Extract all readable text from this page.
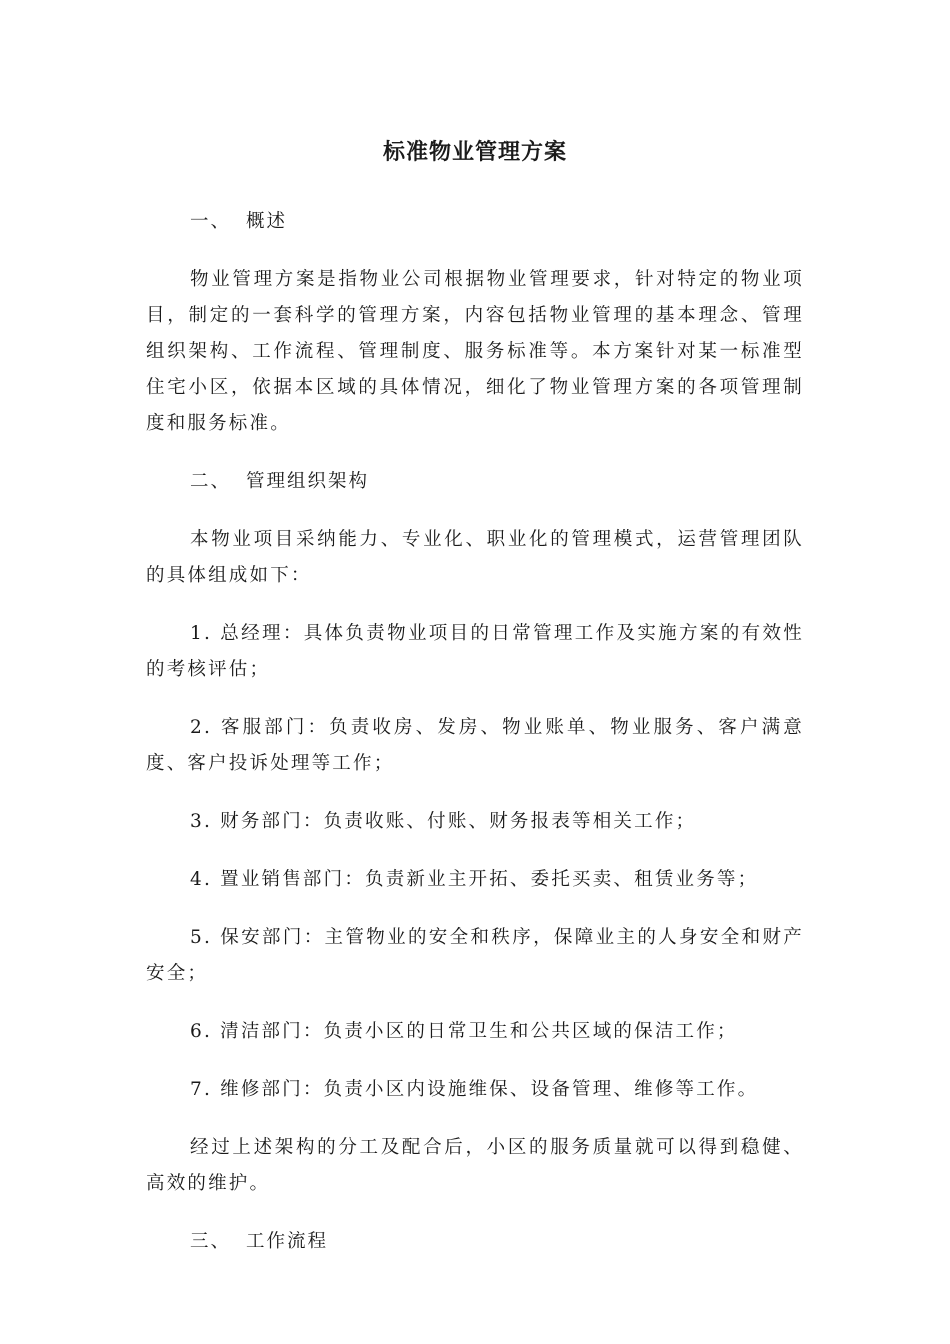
标准物业管理方案
一、 概述

物业管理方案是指物业公司根据物业管理要求，针对特定的物业项目，制定的一套科学的管理方案，内容包括物业管理的基本理念、管理组织架构、工作流程、管理制度、服务标准等。本方案针对某一标准型住宅小区，依据本区域的具体情况，细化了物业管理方案的各项管理制度和服务标准。

二、 管理组织架构

本物业项目采纳能力、专业化、职业化的管理模式，运营管理团队的具体组成如下：

1. 总经理：具体负责物业项目的日常管理工作及实施方案的有效性的考核评估；

2. 客服部门：负责收房、发房、物业账单、物业服务、客户满意度、客户投诉处理等工作；

3. 财务部门：负责收账、付账、财务报表等相关工作；

4. 置业销售部门：负责新业主开拓、委托买卖、租赁业务等；

5. 保安部门：主管物业的安全和秩序，保障业主的人身安全和财产安全；

6. 清洁部门：负责小区的日常卫生和公共区域的保洁工作；

7. 维修部门：负责小区内设施维保、设备管理、维修等工作。

经过上述架构的分工及配合后，小区的服务质量就可以得到稳健、高效的维护。

三、 工作流程
